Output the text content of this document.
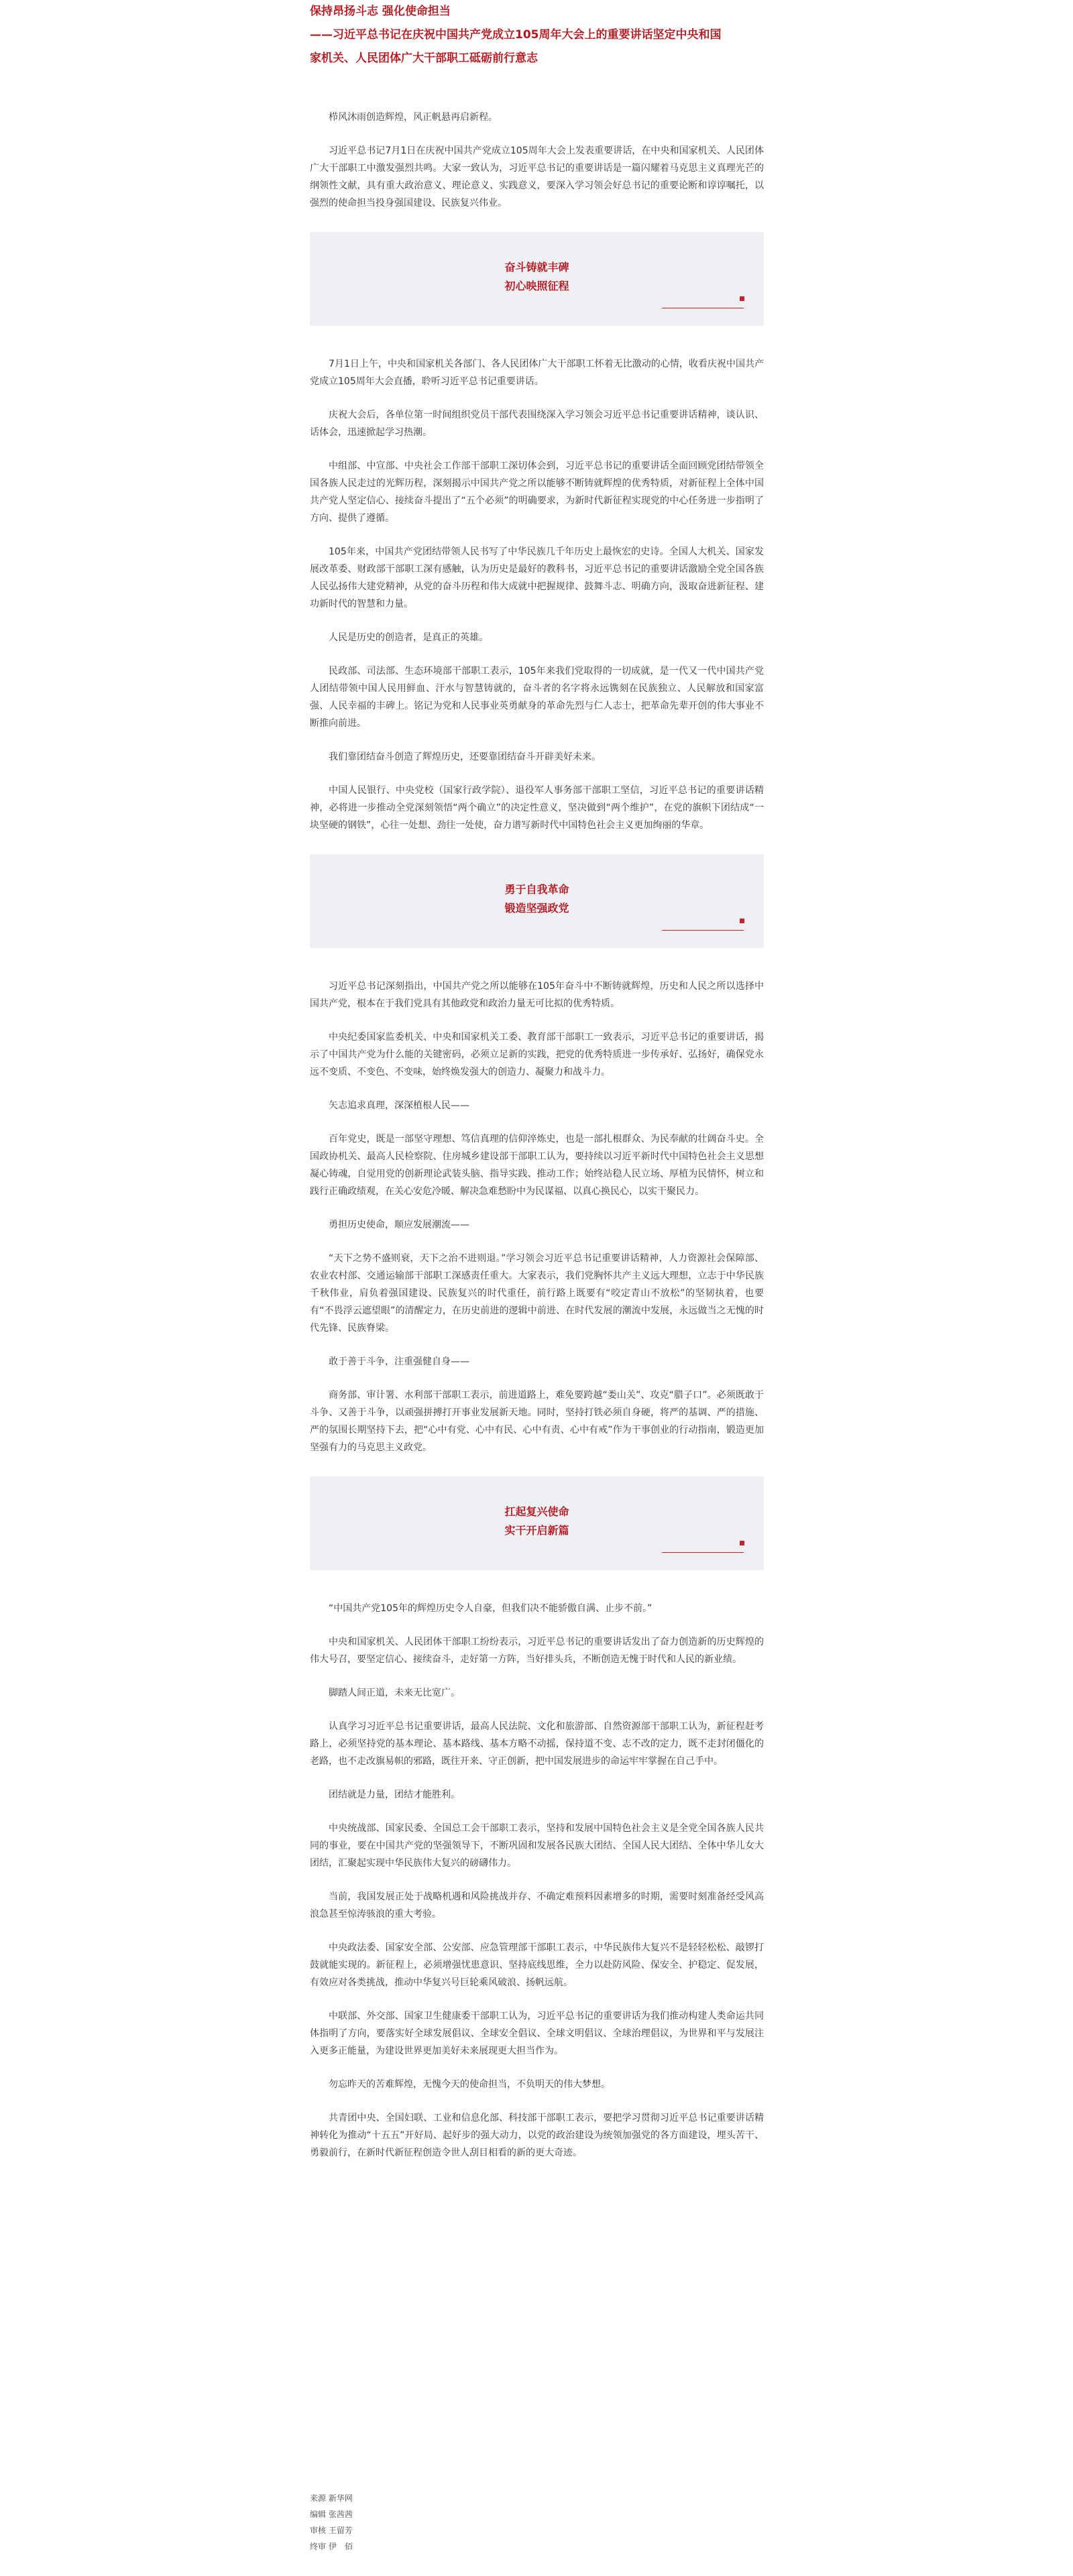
保持昂扬斗志 强化使命担当
——习近平总书记在庆祝中国共产党成立105周年大会上的重要讲话坚定中央和国
家机关、人民团体广大干部职工砥砺前行意志

栉风沐雨创造辉煌，风正帆悬再启新程。

习近平总书记7月1日在庆祝中国共产党成立105周年大会上发表重要讲话，在中央和国家机关、人民团体广大干部职工中激发强烈共鸣。大家一致认为，习近平总书记的重要讲话是一篇闪耀着马克思主义真理光芒的纲领性文献，具有重大政治意义、理论意义、实践意义，要深入学习领会好总书记的重要论断和谆谆嘱托，以强烈的使命担当投身强国建设、民族复兴伟业。

奋斗铸就丰碑
初心映照征程

7月1日上午，中央和国家机关各部门、各人民团体广大干部职工怀着无比激动的心情，收看庆祝中国共产党成立105周年大会直播，聆听习近平总书记重要讲话。

庆祝大会后，各单位第一时间组织党员干部代表围绕深入学习领会习近平总书记重要讲话精神，谈认识、话体会，迅速掀起学习热潮。

中组部、中宣部、中央社会工作部干部职工深切体会到，习近平总书记的重要讲话全面回顾党团结带领全国各族人民走过的光辉历程，深刻揭示中国共产党之所以能够不断铸就辉煌的优秀特质，对新征程上全体中国共产党人坚定信心、接续奋斗提出了“五个必须”的明确要求，为新时代新征程实现党的中心任务进一步指明了方向、提供了遵循。

105年来，中国共产党团结带领人民书写了中华民族几千年历史上最恢宏的史诗。全国人大机关、国家发展改革委、财政部干部职工深有感触，认为历史是最好的教科书，习近平总书记的重要讲话激励全党全国各族人民弘扬伟大建党精神，从党的奋斗历程和伟大成就中把握规律、鼓舞斗志、明确方向，汲取奋进新征程、建功新时代的智慧和力量。

人民是历史的创造者，是真正的英雄。

民政部、司法部、生态环境部干部职工表示，105年来我们党取得的一切成就，是一代又一代中国共产党人团结带领中国人民用鲜血、汗水与智慧铸就的，奋斗者的名字将永远镌刻在民族独立、人民解放和国家富强、人民幸福的丰碑上。铭记为党和人民事业英勇献身的革命先烈与仁人志士，把革命先辈开创的伟大事业不断推向前进。

我们靠团结奋斗创造了辉煌历史，还要靠团结奋斗开辟美好未来。

中国人民银行、中央党校（国家行政学院）、退役军人事务部干部职工坚信，习近平总书记的重要讲话精神，必将进一步推动全党深刻领悟“两个确立”的决定性意义，坚决做到“两个维护”，在党的旗帜下团结成“一块坚硬的钢铁”，心往一处想、劲往一处使，奋力谱写新时代中国特色社会主义更加绚丽的华章。

勇于自我革命
锻造坚强政党

习近平总书记深刻指出，中国共产党之所以能够在105年奋斗中不断铸就辉煌，历史和人民之所以选择中国共产党，根本在于我们党具有其他政党和政治力量无可比拟的优秀特质。

中央纪委国家监委机关、中央和国家机关工委、教育部干部职工一致表示，习近平总书记的重要讲话，揭示了中国共产党为什么能的关键密码，必须立足新的实践，把党的优秀特质进一步传承好、弘扬好，确保党永远不变质、不变色、不变味，始终焕发强大的创造力、凝聚力和战斗力。

矢志追求真理，深深植根人民——

百年党史，既是一部坚守理想、笃信真理的信仰淬炼史，也是一部扎根群众、为民奉献的壮阔奋斗史。全国政协机关、最高人民检察院、住房城乡建设部干部职工认为，要持续以习近平新时代中国特色社会主义思想凝心铸魂，自觉用党的创新理论武装头脑、指导实践、推动工作；始终站稳人民立场、厚植为民情怀，树立和践行正确政绩观，在关心安危冷暖、解决急难愁盼中为民谋福、以真心换民心，以实干聚民力。

勇担历史使命，顺应发展潮流——

“天下之势不盛则衰，天下之治不进则退。”学习领会习近平总书记重要讲话精神，人力资源社会保障部、农业农村部、交通运输部干部职工深感责任重大。大家表示，我们党胸怀共产主义远大理想，立志于中华民族千秋伟业，肩负着强国建设、民族复兴的时代重任，前行路上既要有“咬定青山不放松”的坚韧执着，也要有“不畏浮云遮望眼”的清醒定力，在历史前进的逻辑中前进、在时代发展的潮流中发展，永远做当之无愧的时代先锋、民族脊梁。

敢于善于斗争，注重强健自身——

商务部、审计署、水利部干部职工表示，前进道路上，难免要跨越“娄山关”、攻克“腊子口”。必须既敢于斗争、又善于斗争，以顽强拼搏打开事业发展新天地。同时，坚持打铁必须自身硬，将严的基调、严的措施、严的氛围长期坚持下去，把“心中有党、心中有民、心中有责、心中有戒”作为干事创业的行动指南，锻造更加坚强有力的马克思主义政党。

扛起复兴使命
实干开启新篇

“中国共产党105年的辉煌历史令人自豪，但我们决不能骄傲自满、止步不前。”

中央和国家机关、人民团体干部职工纷纷表示，习近平总书记的重要讲话发出了奋力创造新的历史辉煌的伟大号召，要坚定信心、接续奋斗，走好第一方阵，当好排头兵，不断创造无愧于时代和人民的新业绩。

脚踏人间正道，未来无比宽广。

认真学习习近平总书记重要讲话，最高人民法院、文化和旅游部、自然资源部干部职工认为，新征程赶考路上，必须坚持党的基本理论、基本路线、基本方略不动摇，保持道不变、志不改的定力，既不走封闭僵化的老路，也不走改旗易帜的邪路，既往开来、守正创新，把中国发展进步的命运牢牢掌握在自己手中。

团结就是力量，团结才能胜利。

中央统战部、国家民委、全国总工会干部职工表示，坚持和发展中国特色社会主义是全党全国各族人民共同的事业，要在中国共产党的坚强领导下，不断巩固和发展各民族大团结、全国人民大团结、全体中华儿女大团结，汇聚起实现中华民族伟大复兴的磅礴伟力。

当前，我国发展正处于战略机遇和风险挑战并存、不确定难预料因素增多的时期，需要时刻准备经受风高浪急甚至惊涛骇浪的重大考验。

中央政法委、国家安全部、公安部、应急管理部干部职工表示，中华民族伟大复兴不是轻轻松松、敲锣打鼓就能实现的。新征程上，必须增强忧患意识、坚持底线思维，全力以赴防风险、保安全、护稳定、促发展，有效应对各类挑战，推动中华复兴号巨轮乘风破浪、扬帆远航。

中联部、外交部、国家卫生健康委干部职工认为，习近平总书记的重要讲话为我们推动构建人类命运共同体指明了方向，要落实好全球发展倡议、全球安全倡议、全球文明倡议、全球治理倡议，为世界和平与发展注入更多正能量，为建设世界更加美好未来展现更大担当作为。

勿忘昨天的苦难辉煌，无愧今天的使命担当，不负明天的伟大梦想。

共青团中央、全国妇联、工业和信息化部、科技部干部职工表示，要把学习贯彻习近平总书记重要讲话精神转化为推动“十五五”开好局、起好步的强大动力，以党的政治建设为统领加强党的各方面建设，埋头苦干、勇毅前行，在新时代新征程创造令世人刮目相看的新的更大奇迹。

来源 新华网
编辑 张茜茜
审核 王留芳
终审 伊　佰
